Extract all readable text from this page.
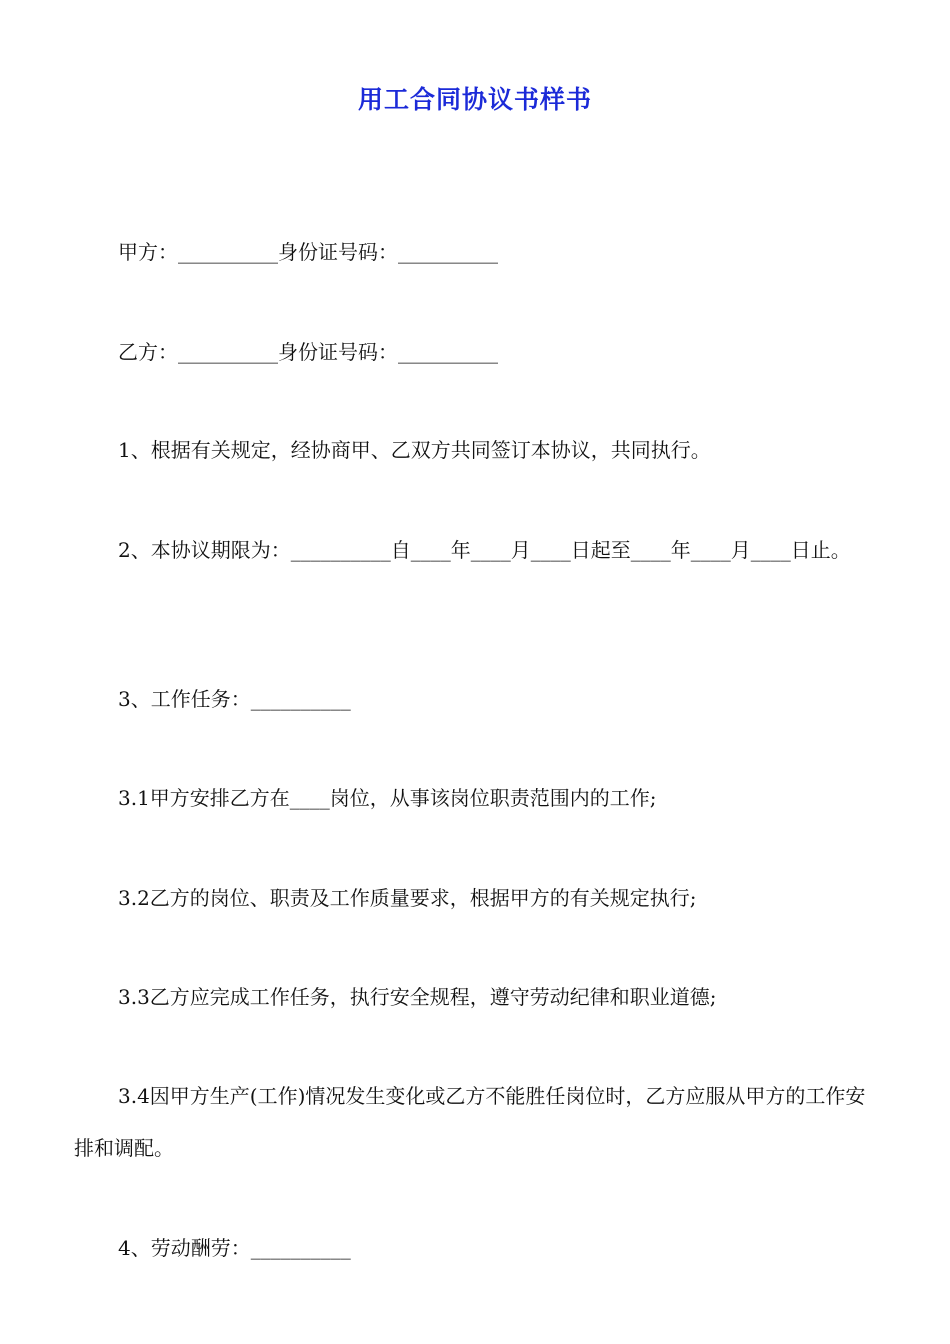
用工合同协议书样书

甲方：__________身份证号码：__________

乙方：__________身份证号码：__________

1、根据有关规定，经协商甲、乙双方共同签订本协议，共同执行。

2、本协议期限为：__________自____年____月____日起至____年____月____日止。

3、工作任务：__________

3.1甲方安排乙方在____岗位，从事该岗位职责范围内的工作;

3.2乙方的岗位、职责及工作质量要求，根据甲方的有关规定执行;

3.3乙方应完成工作任务，执行安全规程，遵守劳动纪律和职业道德;

3.4因甲方生产(工作)情况发生变化或乙方不能胜任岗位时，乙方应服从甲方的工作安排和调配。

4、劳动酬劳：__________
